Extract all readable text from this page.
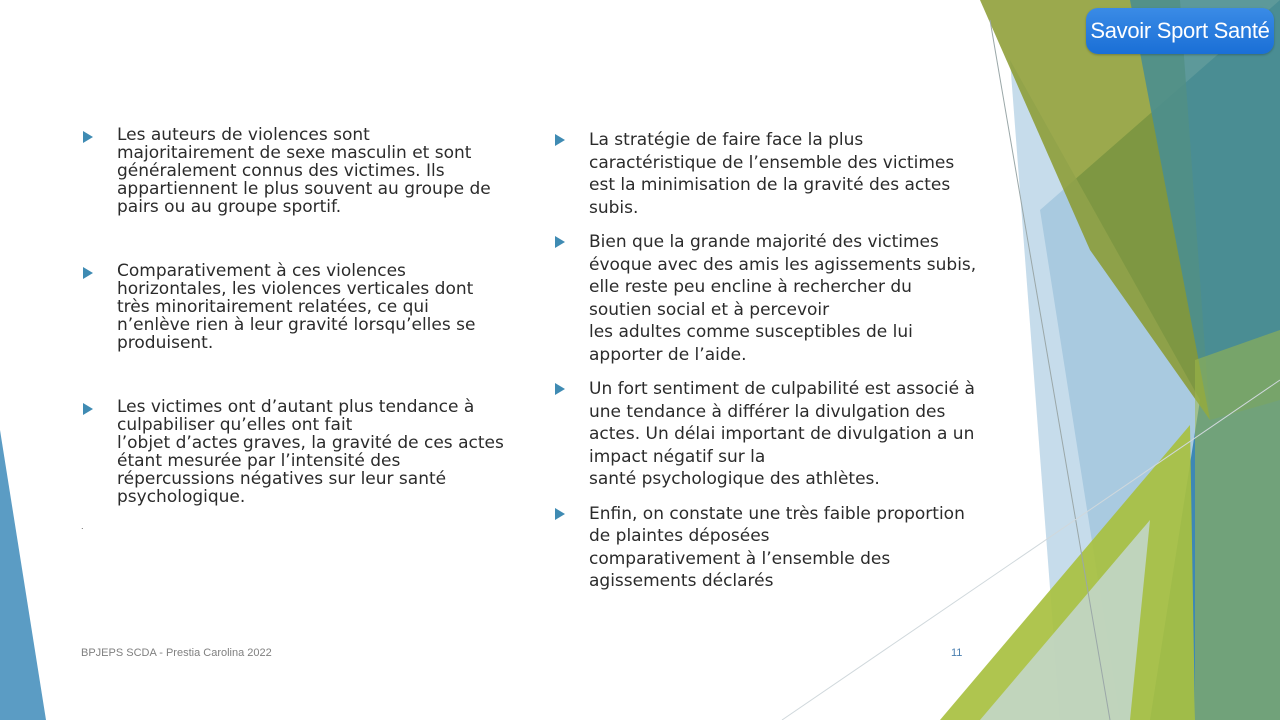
Savoir Sport Santé
Les auteurs de violences sont
majoritairement de sexe masculin et sont
généralement connus des victimes. Ils
appartiennent le plus souvent au groupe de
pairs ou au groupe sportif.
Comparativement à ces violences
horizontales, les violences verticales dont
très minoritairement relatées, ce qui
n’enlève rien à leur gravité lorsqu’elles se
produisent.
Les victimes ont d’autant plus tendance à
culpabiliser qu’elles ont fait
l’objet d’actes graves, la gravité de ces actes
étant mesurée par l’intensité des
répercussions négatives sur leur santé
psychologique.
La stratégie de faire face la plus
caractéristique de l’ensemble des victimes
est la minimisation de la gravité des actes
subis.
Bien que la grande majorité des victimes
évoque avec des amis les agissements subis,
elle reste peu encline à rechercher du
soutien social et à percevoir
les adultes comme susceptibles de lui
apporter de l’aide.
Un fort sentiment de culpabilité est associé à
une tendance à différer la divulgation des
actes. Un délai important de divulgation a un
impact négatif sur la
santé psychologique des athlètes.
Enfin, on constate une très faible proportion
de plaintes déposées
comparativement à l’ensemble des
agissements déclarés
.
BPJEPS SCDA - Prestia Carolina 2022	11
